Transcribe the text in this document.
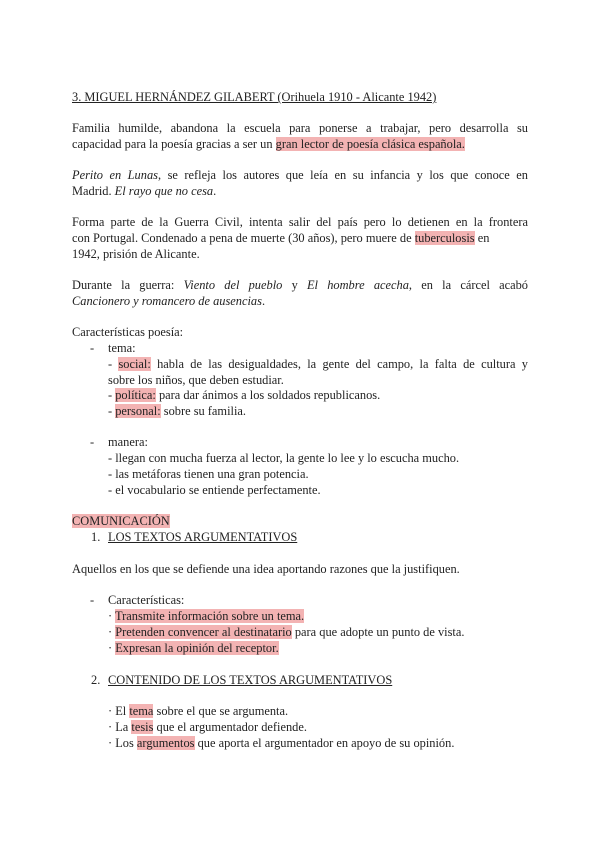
3. MIGUEL HERNÁNDEZ GILABERT (Orihuela 1910 - Alicante 1942)
Familia humilde, abandona la escuela para ponerse a trabajar, pero desarrolla su
capacidad para la poesía gracias a ser un gran lector de poesía clásica española.
Perito en Lunas, se refleja los autores que leía en su infancia y los que conoce en
Madrid. El rayo que no cesa.
Forma parte de la Guerra Civil, intenta salir del país pero lo detienen en la frontera
con Portugal. Condenado a pena de muerte (30 años), pero muere de tuberculosis en
1942, prisión de Alicante.
Durante la guerra: Viento del pueblo y El hombre acecha, en la cárcel acabó
Cancionero y romancero de ausencias.
Características poesía:
- tema:
- social: habla de las desigualdades, la gente del campo, la falta de cultura y
sobre los niños, que deben estudiar.
- política: para dar ánimos a los soldados republicanos.
- personal: sobre su familia.
- manera:
- llegan con mucha fuerza al lector, la gente lo lee y lo escucha mucho.
- las metáforas tienen una gran potencia.
- el vocabulario se entiende perfectamente.
COMUNICACIÓN
1. LOS TEXTOS ARGUMENTATIVOS
Aquellos en los que se defiende una idea aportando razones que la justifiquen.
- Características:
· Transmite información sobre un tema.
· Pretenden convencer al destinatario para que adopte un punto de vista.
· Expresan la opinión del receptor.
2. CONTENIDO DE LOS TEXTOS ARGUMENTATIVOS
· El tema sobre el que se argumenta.
· La tesis que el argumentador defiende.
· Los argumentos que aporta el argumentador en apoyo de su opinión.
